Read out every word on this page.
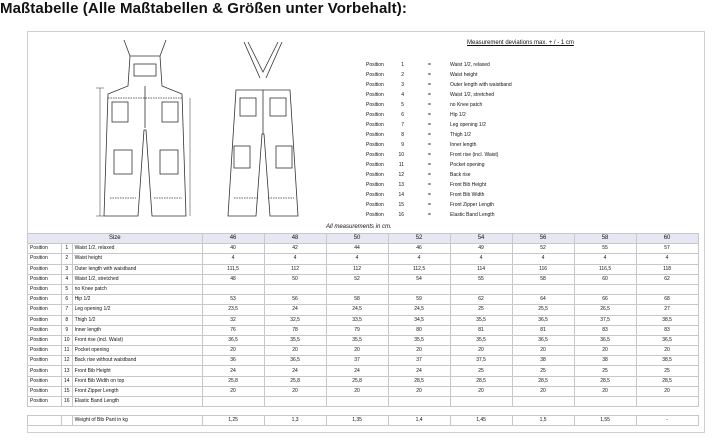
Maßtabelle (Alle Maßtabellen & Größen unter Vorbehalt):
Measurement deviations max. + / - 1 cm
Position	1	=	Waist 1/2, relaxed
Position	2	=	Waist height
Position	3	=	Outer length with waistband
Position	4	=	Waist 1/2, stretched
Position	5	=	no Knee patch
Position	6	=	Hip 1/2
Position	7	=	Leg opening 1/2
Position	8	=	Thigh 1/2
Position	9	=	Inner length
Position	10	=	Front rise (incl. Waist)
Position	11	=	Pocket opening
Position	12	=	Back rise
Position	13	=	Front Bib Height
Position	14	=	Front Bib Width
Position	15	=	Front Zipper Length
Position	16	=	Elastic Band Length
All measurements in cm.
Size			46	48	50	52	54	56	58	60
Position	1	Waist 1/2, relaxed	40	42	44	46	49	52	55	57
Position	2	Waist height	4	4	4	4	4	4	4	4
Position	3	Outer length with waistband	111,5	112	112	112,5	114	116	116,5	118
Position	4	Waist 1/2, stretched	48	50	52	54	55	58	60	62
Position	5	no Knee patch								
Position	6	Hip 1/2	53	56	58	59	62	64	66	68
Position	7	Leg opening 1/2	23,5	24	24,5	24,5	25	25,5	26,5	27
Position	8	Thigh 1/2	32	32,5	33,5	34,5	35,5	36,5	37,5	38,5
Position	9	Inner length	76	78	79	80	81	81	83	83
Position	10	Front rise (incl. Waist)	36,5	35,5	35,5	35,5	35,5	36,5	36,5	36,5
Position	11	Pocket opening	20	20	20	20	20	20	20	20
Position	12	Back rise without waistband	36	36,5	37	37	37,5	38	38	38,5
Position	13	Front Bib Height	24	24	24	24	25	25	25	25
Position	14	Front Bib Width on top	25,8	25,8	25,8	28,5	28,5	28,5	28,5	28,5
Position	15	Front Zipper Length	20	20	20	20	20	20	20	20
Position	16	Elastic Band Length								

		Weight of Bib Pant in kg	1,25	1,3	1,35	1,4	1,45	1,5	1,55	-
